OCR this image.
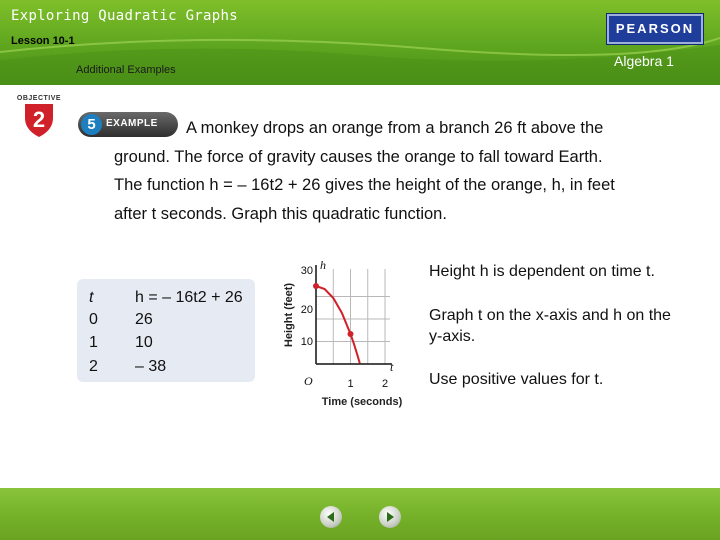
Exploring Quadratic Graphs
Lesson 10-1
Additional Examples
PEARSON
Algebra 1
OBJECTIVE
2	5	EXAMPLE	A monkey drops an orange from a branch 26 ft above the
ground. The force of gravity causes the orange to fall toward Earth.
The function h = – 16t2 + 26 gives the height of the orange, h, in feet
after t seconds. Graph this quadratic function.
t	h = – 16t2 + 26
0 26
1 10
2 – 38
h
t
O
10
20
30
1	2
Height (feet)
Time (seconds)
Height h is dependent on time t.
Graph t on the x-axis and h on the y-axis.
Use positive values for t.
